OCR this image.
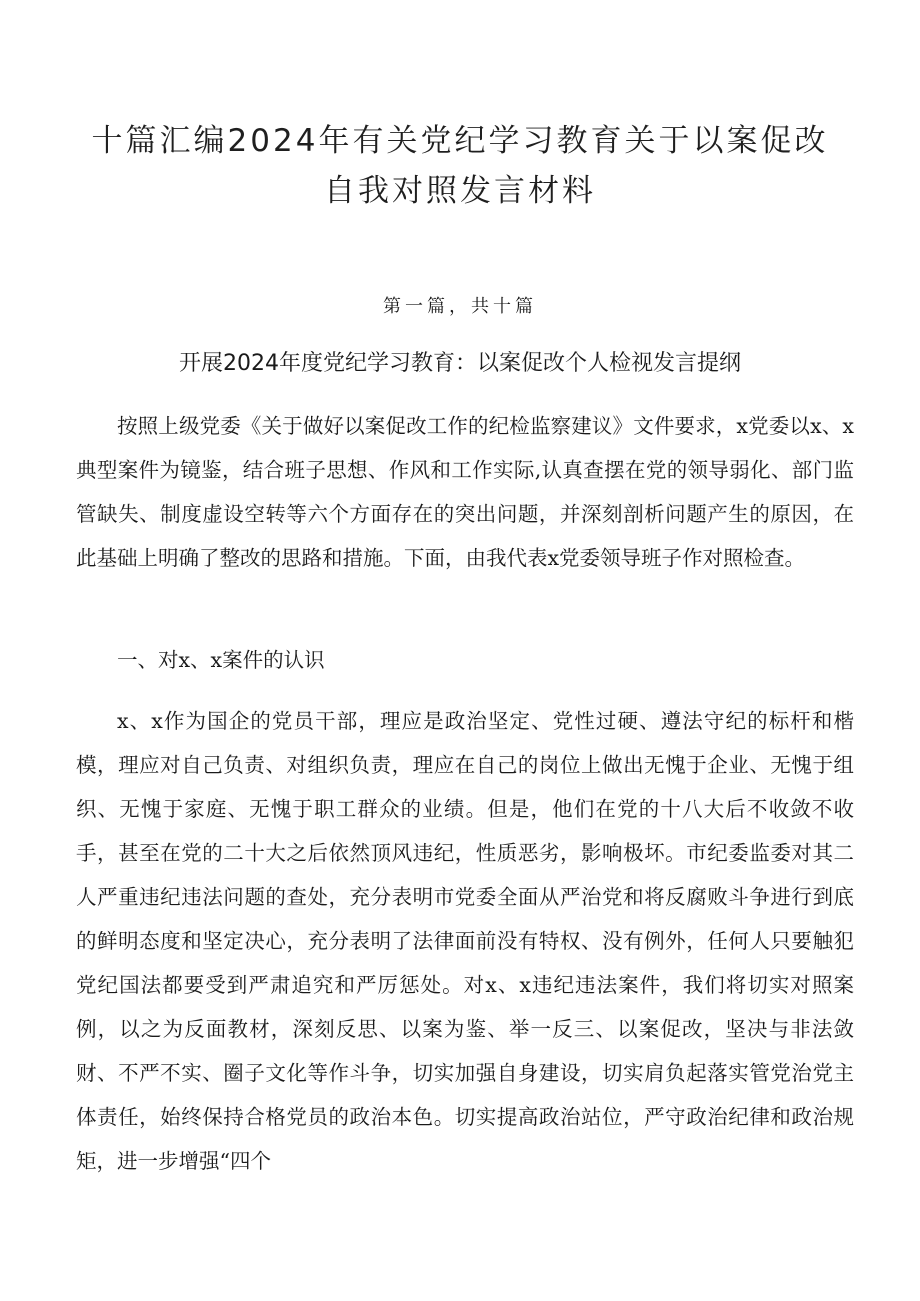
十篇汇编2024年有关党纪学习教育关于以案促改自我对照发言材料

第一篇，共十篇

开展2024年度党纪学习教育：以案促改个人检视发言提纲

按照上级党委《关于做好以案促改工作的纪检监察建议》文件要求，x党委以x、x典型案件为镜鉴，结合班子思想、作风和工作实际,认真查摆在党的领导弱化、部门监管缺失、制度虚设空转等六个方面存在的突出问题，并深刻剖析问题产生的原因，在此基础上明确了整改的思路和措施。下面，由我代表x党委领导班子作对照检查。

一、对x、x案件的认识

x、x作为国企的党员干部，理应是政治坚定、党性过硬、遵法守纪的标杆和楷模，理应对自己负责、对组织负责，理应在自己的岗位上做出无愧于企业、无愧于组织、无愧于家庭、无愧于职工群众的业绩。但是，他们在党的十八大后不收敛不收手，甚至在党的二十大之后依然顶风违纪，性质恶劣，影响极坏。市纪委监委对其二人严重违纪违法问题的查处，充分表明市党委全面从严治党和将反腐败斗争进行到底的鲜明态度和坚定决心，充分表明了法律面前没有特权、没有例外，任何人只要触犯党纪国法都要受到严肃追究和严厉惩处。对x、x违纪违法案件，我们将切实对照案例，以之为反面教材，深刻反思、以案为鉴、举一反三、以案促改，坚决与非法敛财、不严不实、圈子文化等作斗争，切实加强自身建设，切实肩负起落实管党治党主体责任，始终保持合格党员的政治本色。切实提高政治站位，严守政治纪律和政治规矩，进一步增强“四个
